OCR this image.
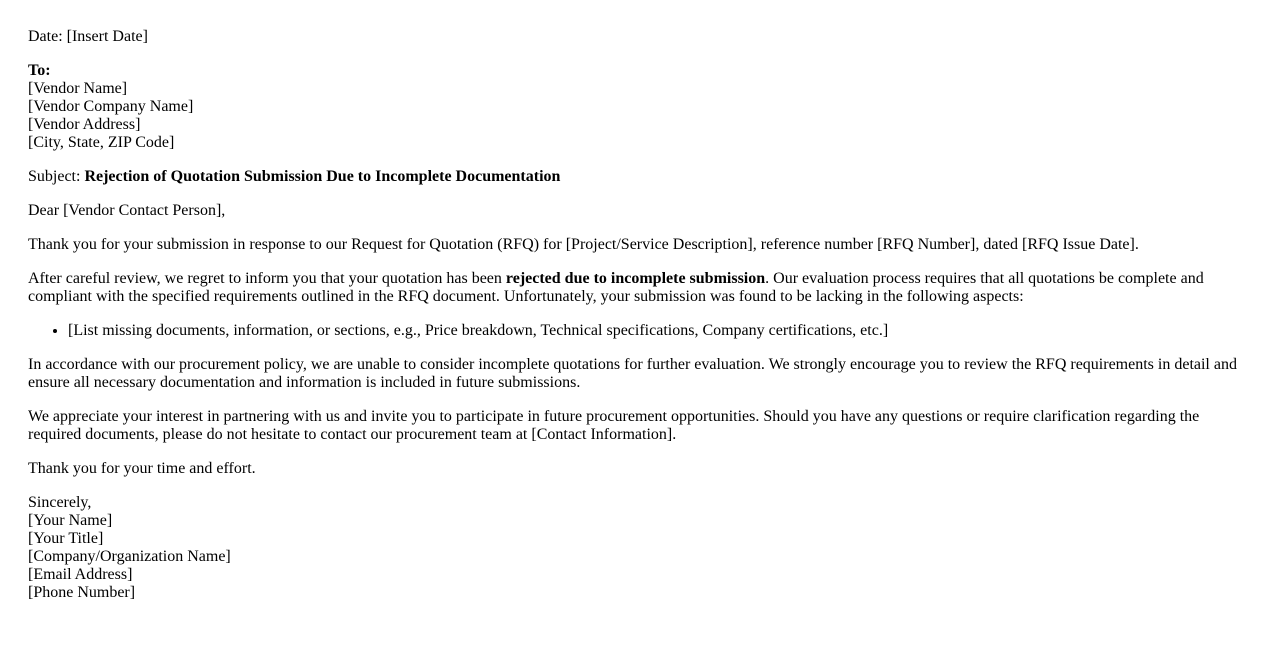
Date: [Insert Date]

To:
[Vendor Name]
[Vendor Company Name]
[Vendor Address]
[City, State, ZIP Code]

Subject: Rejection of Quotation Submission Due to Incomplete Documentation

Dear [Vendor Contact Person],

Thank you for your submission in response to our Request for Quotation (RFQ) for [Project/Service Description], reference number [RFQ Number], dated [RFQ Issue Date].

After careful review, we regret to inform you that your quotation has been rejected due to incomplete submission. Our evaluation process requires that all quotations be complete and compliant with the specified requirements outlined in the RFQ document. Unfortunately, your submission was found to be lacking in the following aspects:

• [List missing documents, information, or sections, e.g., Price breakdown, Technical specifications, Company certifications, etc.]

In accordance with our procurement policy, we are unable to consider incomplete quotations for further evaluation. We strongly encourage you to review the RFQ requirements in detail and ensure all necessary documentation and information is included in future submissions.

We appreciate your interest in partnering with us and invite you to participate in future procurement opportunities. Should you have any questions or require clarification regarding the required documents, please do not hesitate to contact our procurement team at [Contact Information].

Thank you for your time and effort.

Sincerely,
[Your Name]
[Your Title]
[Company/Organization Name]
[Email Address]
[Phone Number]
